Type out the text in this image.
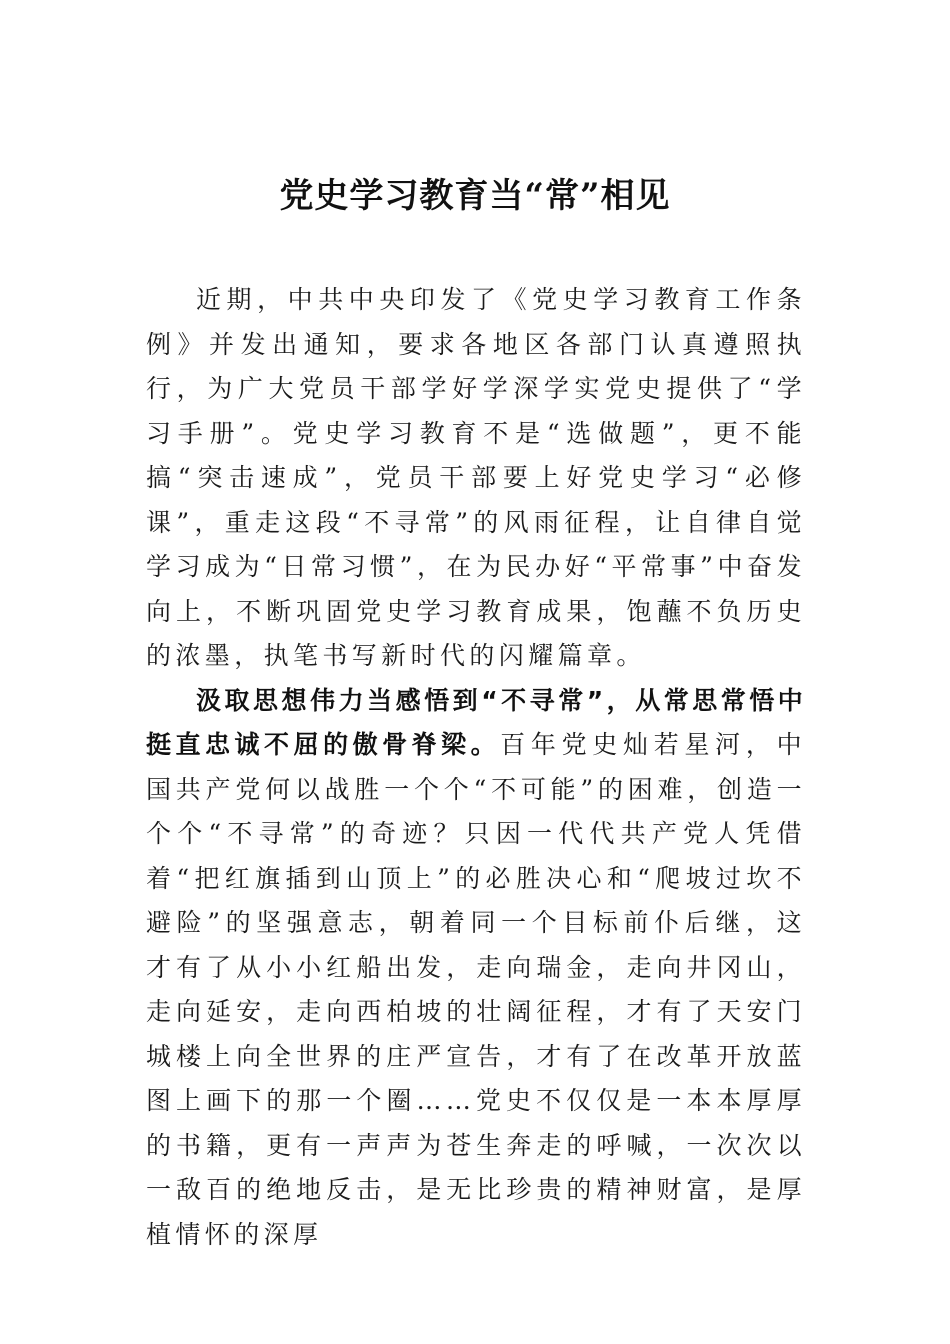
党史学习教育当“常”相见

近期，中共中央印发了《党史学习教育工作条例》并发出通知，要求各地区各部门认真遵照执行，为广大党员干部学好学深学实党史提供了“学习手册”。党史学习教育不是“选做题”，更不能搞“突击速成”，党员干部要上好党史学习“必修课”，重走这段“不寻常”的风雨征程，让自律自觉学习成为“日常习惯”，在为民办好“平常事”中奋发向上，不断巩固党史学习教育成果，饱蘸不负历史的浓墨，执笔书写新时代的闪耀篇章。

汲取思想伟力当感悟到“不寻常”，从常思常悟中挺直忠诚不屈的傲骨脊梁。百年党史灿若星河，中国共产党何以战胜一个个“不可能”的困难，创造一个个“不寻常”的奇迹？只因一代代共产党人凭借着“把红旗插到山顶上”的必胜决心和“爬坡过坎不避险”的坚强意志，朝着同一个目标前仆后继，这才有了从小小红船出发，走向瑞金，走向井冈山，走向延安，走向西柏坡的壮阔征程，才有了天安门城楼上向全世界的庄严宣告，才有了在改革开放蓝图上画下的那一个圈……党史不仅仅是一本本厚厚的书籍，更有一声声为苍生奔走的呼喊，一次次以一敌百的绝地反击，是无比珍贵的精神财富，是厚植情怀的深厚
